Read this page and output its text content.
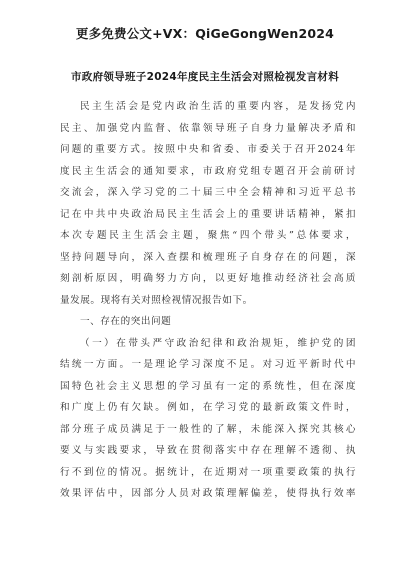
更多免费公文+VX：QiGeGongWen2024
市政府领导班子2024年度民主生活会对照检视发言材料
民主生活会是党内政治生活的重要内容，是发扬党内
民主、加强党内监督、依靠领导班子自身力量解决矛盾和
问题的重要方式。按照中央和省委、市委关于召开2024年
度民主生活会的通知要求，市政府党组专题召开会前研讨
交流会，深入学习党的二十届三中全会精神和习近平总书
记在中共中央政治局民主生活会上的重要讲话精神，紧扣
本次专题民主生活会主题，聚焦“四个带头”总体要求，
坚持问题导向，深入查摆和梳理班子自身存在的问题，深
刻剖析原因，明确努力方向，以更好地推动经济社会高质
量发展。现将有关对照检视情况报告如下。
一、存在的突出问题
（一）在带头严守政治纪律和政治规矩，维护党的团
结统一方面。一是理论学习深度不足。对习近平新时代中
国特色社会主义思想的学习虽有一定的系统性，但在深度
和广度上仍有欠缺。例如，在学习党的最新政策文件时，
部分班子成员满足于一般性的了解，未能深入探究其核心
要义与实践要求，导致在贯彻落实中存在理解不透彻、执
行不到位的情况。据统计，在近期对一项重要政策的执行
效果评估中，因部分人员对政策理解偏差，使得执行效率
